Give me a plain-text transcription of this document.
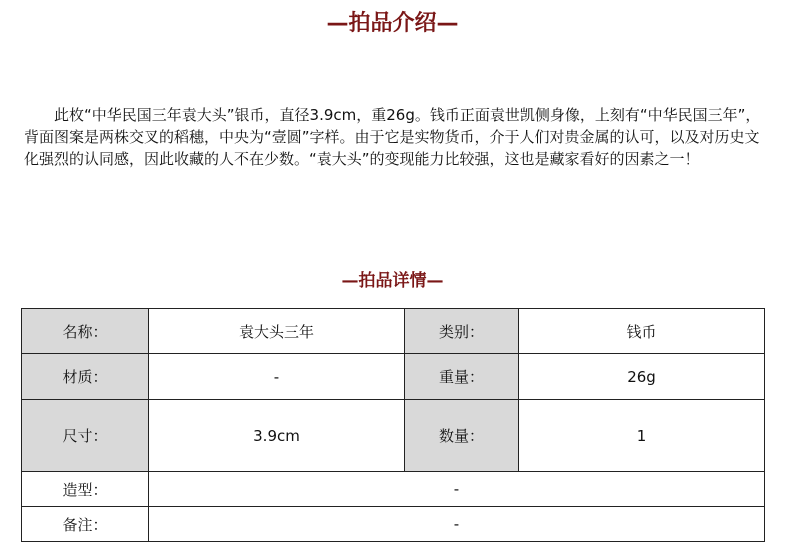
—拍品介绍—

此枚“中华民国三年袁大头”银币，直径3.9cm，重26g。钱币正面袁世凯侧身像，上刻有“中华民国三年”，背面图案是两株交叉的稻穗，中央为“壹圆”字样。由于它是实物货币，介于人们对贵金属的认可，以及对历史文化强烈的认同感，因此收藏的人不在少数。“袁大头”的变现能力比较强，这也是藏家看好的因素之一！

—拍品详情—
名称：	袁大头三年	类别：	钱币
材质：	-	重量：	26g
尺寸：	3.9cm	数量：	1
造型：	-		
备注：	-		
